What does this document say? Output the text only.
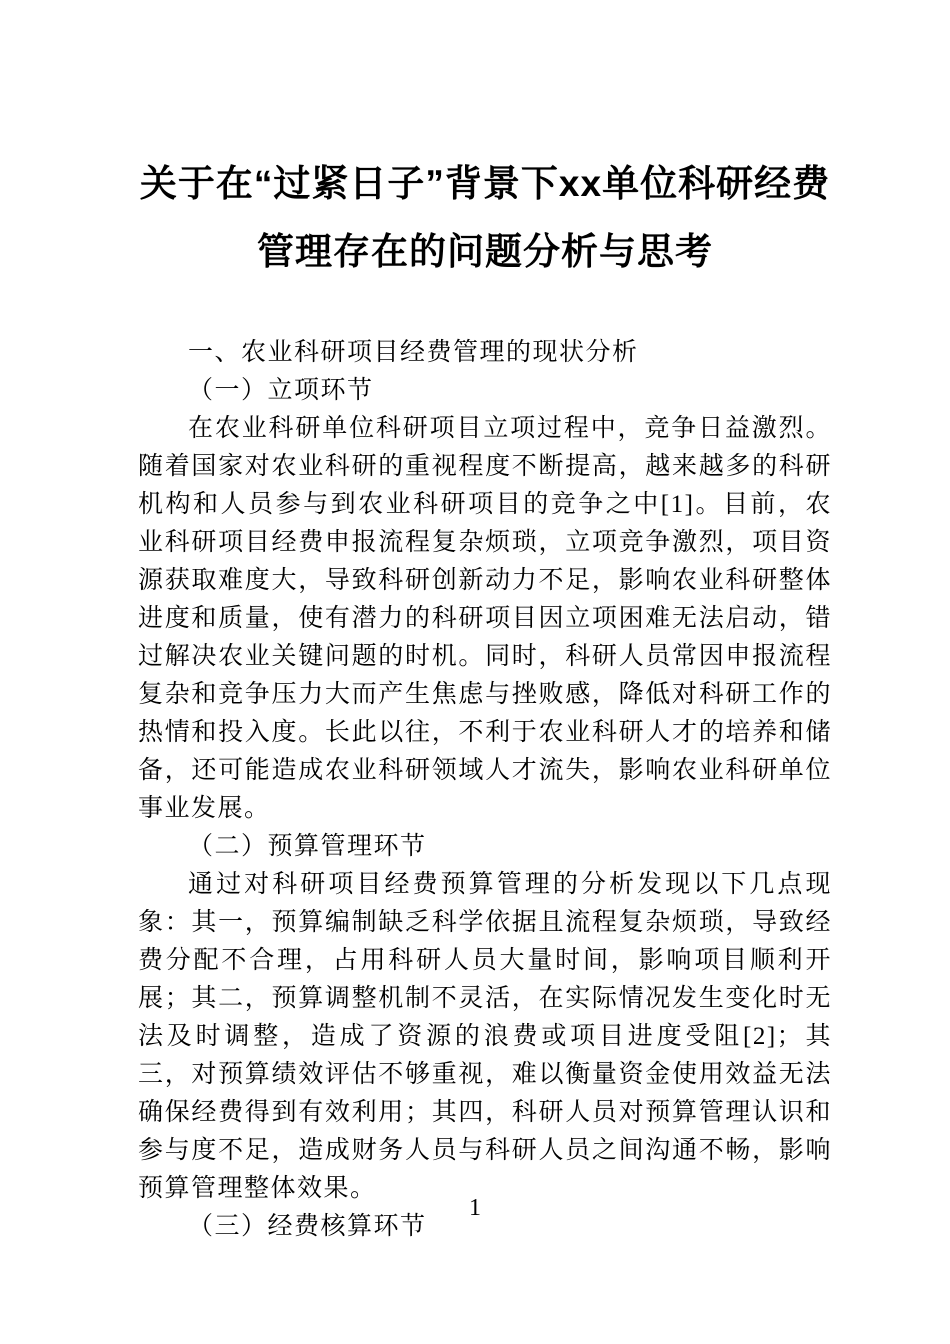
关于在“过紧日子”背景下xx单位科研经费管理存在的问题分析与思考

一、农业科研项目经费管理的现状分析

（一）立项环节

在农业科研单位科研项目立项过程中，竞争日益激烈。随着国家对农业科研的重视程度不断提高，越来越多的科研机构和人员参与到农业科研项目的竞争之中[1]。目前，农业科研项目经费申报流程复杂烦琐，立项竞争激烈，项目资源获取难度大，导致科研创新动力不足，影响农业科研整体进度和质量，使有潜力的科研项目因立项困难无法启动，错过解决农业关键问题的时机。同时，科研人员常因申报流程复杂和竞争压力大而产生焦虑与挫败感，降低对科研工作的热情和投入度。长此以往，不利于农业科研人才的培养和储备，还可能造成农业科研领域人才流失，影响农业科研单位事业发展。

（二）预算管理环节

通过对科研项目经费预算管理的分析发现以下几点现象：其一，预算编制缺乏科学依据且流程复杂烦琐，导致经费分配不合理，占用科研人员大量时间，影响项目顺利开展；其二，预算调整机制不灵活，在实际情况发生变化时无法及时调整，造成了资源的浪费或项目进度受阻[2]；其三，对预算绩效评估不够重视，难以衡量资金使用效益无法确保经费得到有效利用；其四，科研人员对预算管理认识和参与度不足，造成财务人员与科研人员之间沟通不畅，影响预算管理整体效果。

（三）经费核算环节

1
